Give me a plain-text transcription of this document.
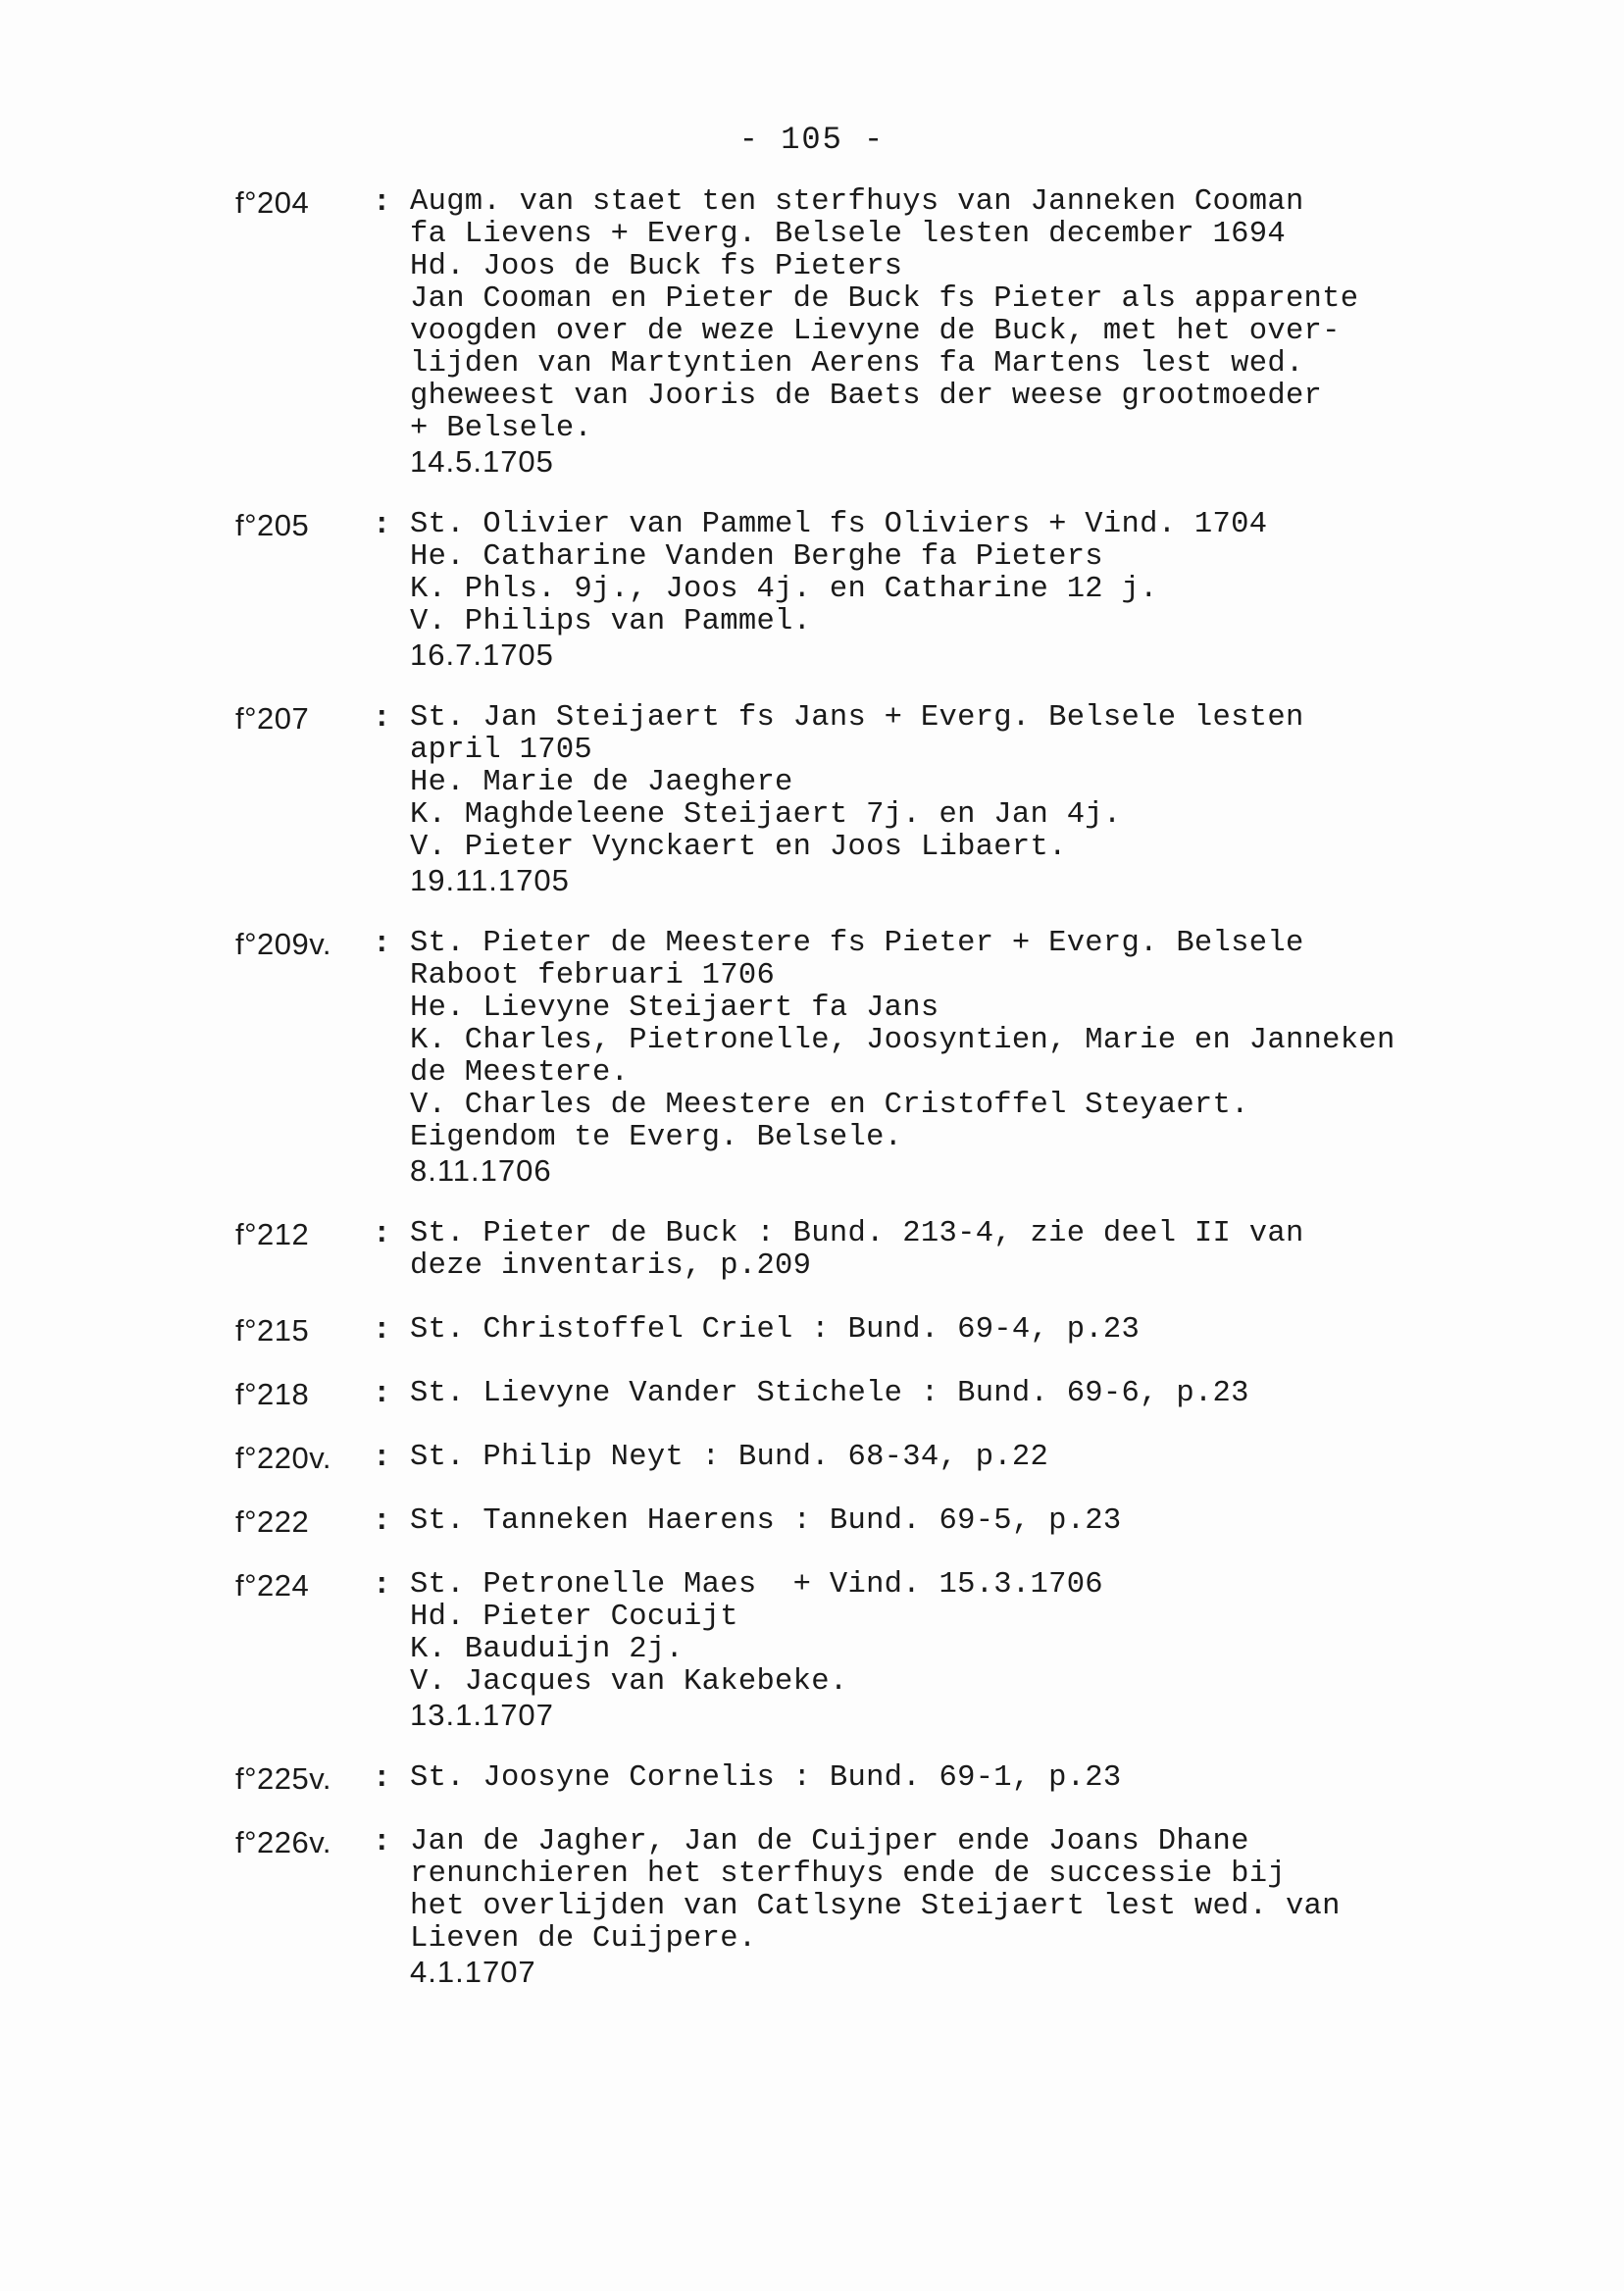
- 105 -
f°204	: Augm. van staet ten sterfhuys van Janneken Cooman
fa Lievens + Everg. Belsele lesten december 1694
Hd. Joos de Buck fs Pieters
Jan Cooman en Pieter de Buck fs Pieter als apparente
voogden over de weze Lievyne de Buck, met het over-
lijden van Martyntien Aerens fa Martens lest wed.
gheweest van Jooris de Baets der weese grootmoeder
+ Belsele.
14.5.1705
f°205	: St. Olivier van Pammel fs Oliviers + Vind. 1704
He. Catharine Vanden Berghe fa Pieters
K. Phls. 9j., Joos 4j. en Catharine 12 j.
V. Philips van Pammel.
16.7.1705
f°207	: St. Jan Steijaert fs Jans + Everg. Belsele lesten
april 1705
He. Marie de Jaeghere
K. Maghdeleene Steijaert 7j. en Jan 4j.
V. Pieter Vynckaert en Joos Libaert.
19.11.1705
f°209v.	: St. Pieter de Meestere fs Pieter + Everg. Belsele
Raboot februari 1706
He. Lievyne Steijaert fa Jans
K. Charles, Pietronelle, Joosyntien, Marie en Janneken
de Meestere.
V. Charles de Meestere en Cristoffel Steyaert.
Eigendom te Everg. Belsele.
8.11.1706
f°212	: St. Pieter de Buck : Bund. 213-4, zie deel II van
deze inventaris, p.209
f°215	: St. Christoffel Criel : Bund. 69-4, p.23
f°218	: St. Lievyne Vander Stichele : Bund. 69-6, p.23
f°220v.	: St. Philip Neyt : Bund. 68-34, p.22
f°222	: St. Tanneken Haerens : Bund. 69-5, p.23
f°224	: St. Petronelle Maes  + Vind. 15.3.1706
Hd. Pieter Cocuijt
K. Bauduijn 2j.
V. Jacques van Kakebeke.
13.1.1707
f°225v.	: St. Joosyne Cornelis : Bund. 69-1, p.23
f°226v.	: Jan de Jagher, Jan de Cuijper ende Joans Dhane
renunchieren het sterfhuys ende de successie bij
het overlijden van Catlsyne Steijaert lest wed. van
Lieven de Cuijpere.
4.1.1707
